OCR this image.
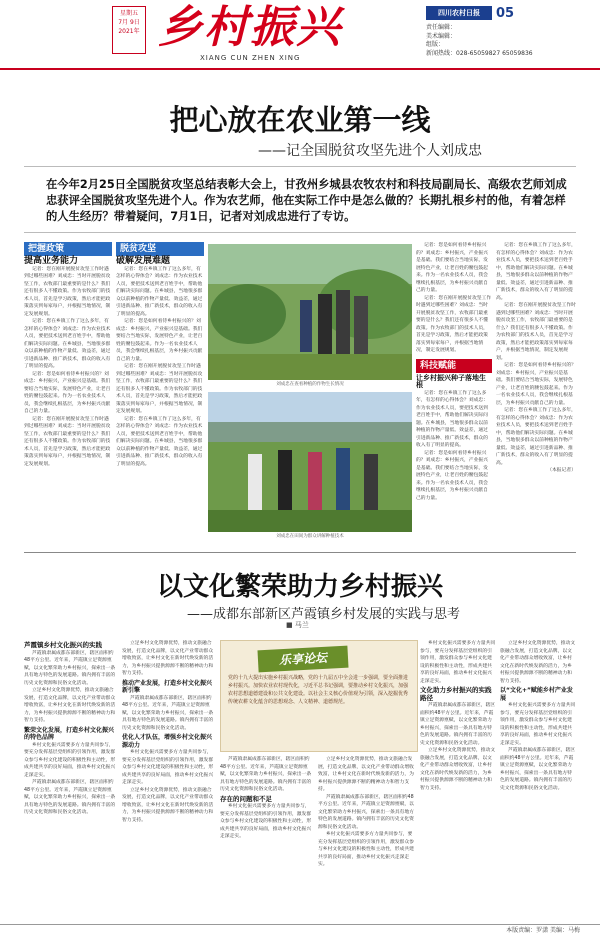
星期五
7月 9日
2021年 乡村振兴
XIANG CUN ZHEN XING
四川农村日报	05
责任编辑：
美术编辑：
组版：
新闻热线：028-65059827 65059836
把心放在农业第一线
——记全国脱贫攻坚先进个人刘成忠
在今年2月25日全国脱贫攻坚总结表彰大会上，甘孜州乡城县农牧农村和科技局副局长、高级农艺师刘成忠获评全国脱贫攻坚先进个人。作为农艺师，他在实际工作中是怎么做的？长期扎根乡村的他，有着怎样的人生经历？带着疑问，7月1日，记者对刘成忠进行了专访。
把握政策
提高业务能力

记者：您在刚开展脱贫攻坚工作时遇到过哪些困难？刘成忠：当时开展脱贫攻坚工作，农牧部门最重要的是什么？我们还有很多人不懂政策。作为农牧部门的技术人员，首先是学习政策，然后才能把政策落实到每家每户，并根据当地情况，制定发展规划。

记者：您在乡镇工作了这么多年，有怎样的心得体会？刘成忠：作为农业技术人员，要把技术送到老百姓手中，帮助他们解决实际问题。在乡城县，当地很多群众以前种植的作物产量低、效益差，通过引进新品种、推广新技术，群众的收入有了明显的提高。

记者：您是如何看待乡村振兴的？刘成忠：乡村振兴，产业振兴是基础。我们要结合当地实际，发展特色产业，让老百姓的腰包鼓起来。作为一名农业技术人员，我会继续扎根基层，为乡村振兴贡献自己的力量。

记者：您在刚开展脱贫攻坚工作时遇到过哪些困难？刘成忠：当时开展脱贫攻坚工作，农牧部门最重要的是什么？我们还有很多人不懂政策。作为农牧部门的技术人员，首先是学习政策，然后才能把政策落实到每家每户，并根据当地情况，制定发展规划。

脱贫攻坚
破解发展难题

记者：您在乡镇工作了这么多年，有怎样的心得体会？刘成忠：作为农业技术人员，要把技术送到老百姓手中，帮助他们解决实际问题。在乡城县，当地很多群众以前种植的作物产量低、效益差，通过引进新品种、推广新技术，群众的收入有了明显的提高。

记者：您是如何看待乡村振兴的？刘成忠：乡村振兴，产业振兴是基础。我们要结合当地实际，发展特色产业，让老百姓的腰包鼓起来。作为一名农业技术人员，我会继续扎根基层，为乡村振兴贡献自己的力量。

记者：您在刚开展脱贫攻坚工作时遇到过哪些困难？刘成忠：当时开展脱贫攻坚工作，农牧部门最重要的是什么？我们还有很多人不懂政策。作为农牧部门的技术人员，首先是学习政策，然后才能把政策落实到每家每户，并根据当地情况，制定发展规划。

记者：您在乡镇工作了这么多年，有怎样的心得体会？刘成忠：作为农业技术人员，要把技术送到老百姓手中，帮助他们解决实际问题。在乡城县，当地很多群众以前种植的作物产量低、效益差，通过引进新品种、推广新技术，群众的收入有了明显的提高。

刘成忠在查看种植的作物生长情况
刘成忠在田间为群众讲解种植技术

记者：您是如何看待乡村振兴的？刘成忠：乡村振兴，产业振兴是基础。我们要结合当地实际，发展特色产业，让老百姓的腰包鼓起来。作为一名农业技术人员，我会继续扎根基层，为乡村振兴贡献自己的力量。

记者：您在刚开展脱贫攻坚工作时遇到过哪些困难？刘成忠：当时开展脱贫攻坚工作，农牧部门最重要的是什么？我们还有很多人不懂政策。作为农牧部门的技术人员，首先是学习政策，然后才能把政策落实到每家每户，并根据当地情况，制定发展规划。

科技赋能
让乡村振兴种子落地生根

记者：您在乡镇工作了这么多年，有怎样的心得体会？刘成忠：作为农业技术人员，要把技术送到老百姓手中，帮助他们解决实际问题。在乡城县，当地很多群众以前种植的作物产量低、效益差，通过引进新品种、推广新技术，群众的收入有了明显的提高。

记者：您是如何看待乡村振兴的？刘成忠：乡村振兴，产业振兴是基础。我们要结合当地实际，发展特色产业，让老百姓的腰包鼓起来。作为一名农业技术人员，我会继续扎根基层，为乡村振兴贡献自己的力量。

记者：您在乡镇工作了这么多年，有怎样的心得体会？刘成忠：作为农业技术人员，要把技术送到老百姓手中，帮助他们解决实际问题。在乡城县，当地很多群众以前种植的作物产量低、效益差，通过引进新品种、推广新技术，群众的收入有了明显的提高。

记者：您在刚开展脱贫攻坚工作时遇到过哪些困难？刘成忠：当时开展脱贫攻坚工作，农牧部门最重要的是什么？我们还有很多人不懂政策。作为农牧部门的技术人员，首先是学习政策，然后才能把政策落实到每家每户，并根据当地情况，制定发展规划。

记者：您是如何看待乡村振兴的？刘成忠：乡村振兴，产业振兴是基础。我们要结合当地实际，发展特色产业，让老百姓的腰包鼓起来。作为一名农业技术人员，我会继续扎根基层，为乡村振兴贡献自己的力量。

记者：您在乡镇工作了这么多年，有怎样的心得体会？刘成忠：作为农业技术人员，要把技术送到老百姓手中，帮助他们解决实际问题。在乡城县，当地很多群众以前种植的作物产量低、效益差，通过引进新品种、推广新技术，群众的收入有了明显的提高。

（本报记者）

以文化繁荣助力乡村振兴
——成都东部新区芦霞镇乡村发展的实践与思考
■ 马兰
芦霞镇乡村文化振兴的实践

芦霞镇隶属成都东部新区，辖区面积约48平方公里。近年来，芦霞镇立足资源禀赋，以文化繁荣助力乡村振兴，探索出一条具有地方特色的发展道路。镇内拥有丰富的历史文化资源和民俗文化活动。

立足乡村文化资源优势，推动文旅融合发展，打造文化品牌，以文化产业带动群众增收致富，让乡村文化在新时代焕发新的活力，为乡村振兴提供源源不断的精神动力和智力支持。

繁荣文化发展，打造乡村文化振兴的特色品牌

乡村文化振兴需要多方力量共同参与，要充分发挥基层党组织的引领作用，激发群众参与乡村文化建设的积极性和主动性，形成共建共享的良好局面，推动乡村文化振兴走深走实。

芦霞镇隶属成都东部新区，辖区面积约48平方公里。近年来，芦霞镇立足资源禀赋，以文化繁荣助力乡村振兴，探索出一条具有地方特色的发展道路。镇内拥有丰富的历史文化资源和民俗文化活动。

立足乡村文化资源优势，推动文旅融合发展，打造文化品牌，以文化产业带动群众增收致富，让乡村文化在新时代焕发新的活力，为乡村振兴提供源源不断的精神动力和智力支持。

推动产业发展，打造乡村文化振兴新引擎

芦霞镇隶属成都东部新区，辖区面积约48平方公里。近年来，芦霞镇立足资源禀赋，以文化繁荣助力乡村振兴，探索出一条具有地方特色的发展道路。镇内拥有丰富的历史文化资源和民俗文化活动。

优化人才队伍，增强乡村文化振兴源动力

乡村文化振兴需要多方力量共同参与，要充分发挥基层党组织的引领作用，激发群众参与乡村文化建设的积极性和主动性，形成共建共享的良好局面，推动乡村文化振兴走深走实。

立足乡村文化资源优势，推动文旅融合发展，打造文化品牌，以文化产业带动群众增收致富，让乡村文化在新时代焕发新的活力，为乡村振兴提供源源不断的精神动力和智力支持。

乐享论坛
党的十九大提出实施乡村振兴战略，党的十九届五中全会进一步强调，要全面推进乡村振兴。加快农业农村现代化，习近平总书记强调，要推动乡村文化振兴，加强农村思想道德建设和公共文化建设。以社会主义核心价值观为引领，深入挖掘优秀传统农耕文化蕴含的思想观念、人文精神、道德规范。

芦霞镇隶属成都东部新区，辖区面积约48平方公里。近年来，芦霞镇立足资源禀赋，以文化繁荣助力乡村振兴，探索出一条具有地方特色的发展道路。镇内拥有丰富的历史文化资源和民俗文化活动。

存在的问题和不足

乡村文化振兴需要多方力量共同参与，要充分发挥基层党组织的引领作用，激发群众参与乡村文化建设的积极性和主动性，形成共建共享的良好局面，推动乡村文化振兴走深走实。

立足乡村文化资源优势，推动文旅融合发展，打造文化品牌，以文化产业带动群众增收致富，让乡村文化在新时代焕发新的活力，为乡村振兴提供源源不断的精神动力和智力支持。

芦霞镇隶属成都东部新区，辖区面积约48平方公里。近年来，芦霞镇立足资源禀赋，以文化繁荣助力乡村振兴，探索出一条具有地方特色的发展道路。镇内拥有丰富的历史文化资源和民俗文化活动。

乡村文化振兴需要多方力量共同参与，要充分发挥基层党组织的引领作用，激发群众参与乡村文化建设的积极性和主动性，形成共建共享的良好局面，推动乡村文化振兴走深走实。

乡村文化振兴需要多方力量共同参与，要充分发挥基层党组织的引领作用，激发群众参与乡村文化建设的积极性和主动性，形成共建共享的良好局面，推动乡村文化振兴走深走实。

文化助力乡村振兴的实践路径

芦霞镇隶属成都东部新区，辖区面积约48平方公里。近年来，芦霞镇立足资源禀赋，以文化繁荣助力乡村振兴，探索出一条具有地方特色的发展道路。镇内拥有丰富的历史文化资源和民俗文化活动。

立足乡村文化资源优势，推动文旅融合发展，打造文化品牌，以文化产业带动群众增收致富，让乡村文化在新时代焕发新的活力，为乡村振兴提供源源不断的精神动力和智力支持。

立足乡村文化资源优势，推动文旅融合发展，打造文化品牌，以文化产业带动群众增收致富，让乡村文化在新时代焕发新的活力，为乡村振兴提供源源不断的精神动力和智力支持。

以“文化+”赋能乡村产业发展

乡村文化振兴需要多方力量共同参与，要充分发挥基层党组织的引领作用，激发群众参与乡村文化建设的积极性和主动性，形成共建共享的良好局面，推动乡村文化振兴走深走实。

芦霞镇隶属成都东部新区，辖区面积约48平方公里。近年来，芦霞镇立足资源禀赋，以文化繁荣助力乡村振兴，探索出一条具有地方特色的发展道路。镇内拥有丰富的历史文化资源和民俗文化活动。

本版责编：罗潇 美编：马梅
